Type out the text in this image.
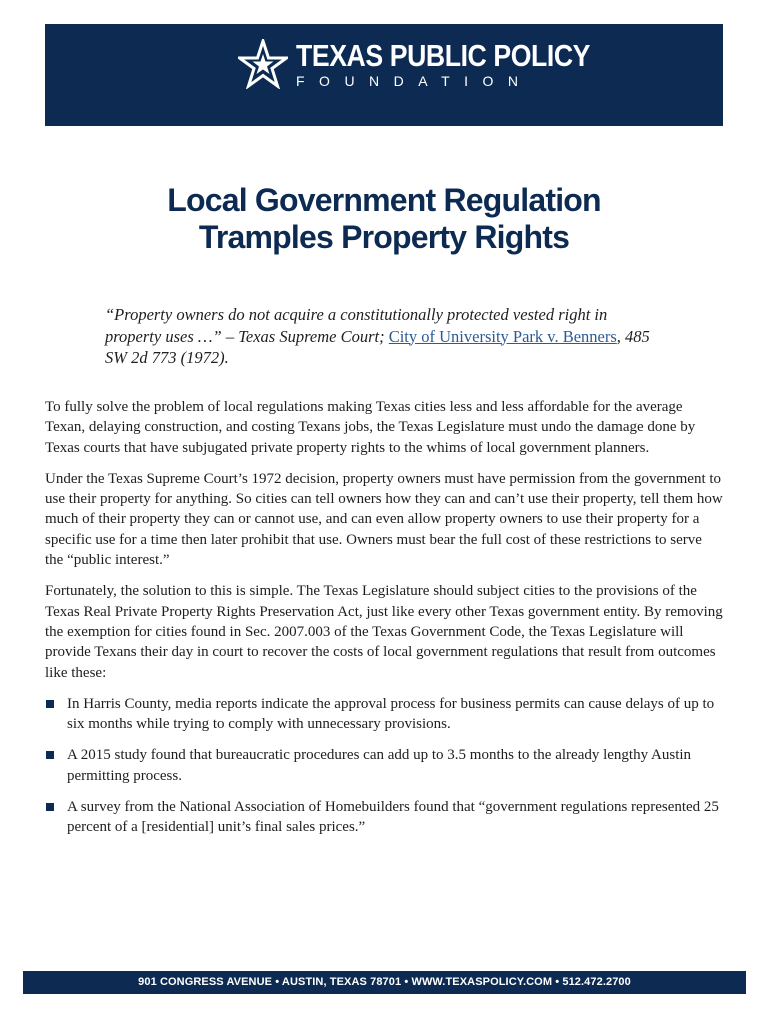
TEXAS PUBLIC POLICY
FOUNDATION
Local Government Regulation
Tramples Property Rights
“Property owners do not acquire a constitutionally protected vested right in property uses …” – Texas Supreme Court; City of University Park v. Benners, 485 SW 2d 773 (1972).

To fully solve the problem of local regulations making Texas cities less and less affordable for the average Texan, delaying construction, and costing Texans jobs, the Texas Legislature must undo the damage done by Texas courts that have subjugated private property rights to the whims of local government planners.

Under the Texas Supreme Court’s 1972 decision, property owners must have permission from the government to use their property for anything. So cities can tell owners how they can and can’t use their property, tell them how much of their property they can or cannot use, and can even allow property owners to use their property for a specific use for a time then later prohibit that use. Owners must bear the full cost of these restrictions to serve the “public interest.”

Fortunately, the solution to this is simple. The Texas Legislature should subject cities to the provisions of the Texas Real Private Property Rights Preservation Act, just like every other Texas government entity. By removing the exemption for cities found in Sec. 2007.003 of the Texas Government Code, the Texas Legislature will provide Texans their day in court to recover the costs of local government regulations that result from outcomes like these:

In Harris County, media reports indicate the approval process for business permits can cause delays of up to six months while trying to comply with unnecessary provisions.
A 2015 study found that bureaucratic procedures can add up to 3.5 months to the already lengthy Austin permitting process.
A survey from the National Association of Homebuilders found that “government regulations represented 25 percent of a [residential] unit’s final sales prices.”
901 CONGRESS AVENUE • AUSTIN, TEXAS 78701 • WWW.TEXASPOLICY.COM • 512.472.2700
